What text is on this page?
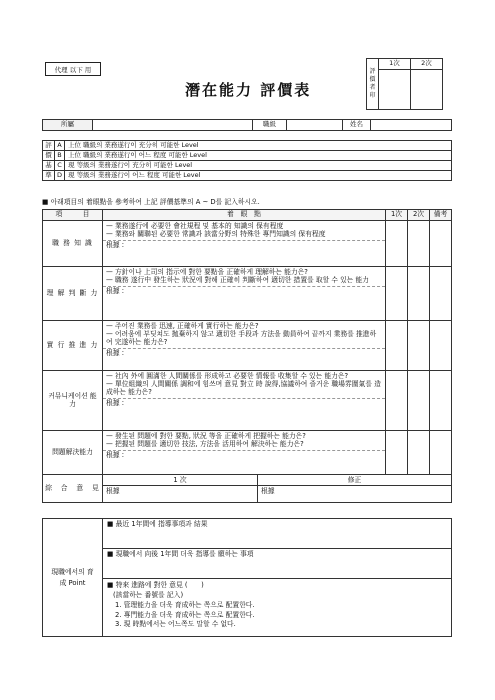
代理 以下 用
潛在能力 評價表
評價者印	1次	2次

所屬		職級		姓名	
評	A	上位 職級의 業務遂行이 充分히 可能한 Level
價	B	上位 職級의 業務遂行이 어느 程度 可能한 Level
基	C	現 等級의 業務遂行이 充分히 可能한 Level
準	D	現 等級의 業務遂行이 어느 程度 可能한 Level
■ 아래項目의 着眼點을 參考하여 上記 評價基準의 A ~ D를 記入하시오.
項　　　目	着　眼　點	1次	2次	備考
職 務 知 識	— 業務遂行에 必要한 會社規程 및 基本的 知識의 保有程度
— 業務와 關聯된 必要한 常識과 該當分野의 特殊한 專門知識의 保有程度
根據 :			

理 解 判 斷 力	— 方針이나 上司의 指示에 對한 要點을 正確하게 理解하는 能力은?
— 職務 遂行中 發生하는 狀況에 對해 正確히 判斷하여 適切한 措置를 取할 수 있는 能力
根據 :			

實 行 推 進 力	— 주어진 業務를 迅速, 正確하게 實行하는 能力은?
— 어려움에 부딪쳐도 抛棄하지 않고 適切한 手段과 方法을 動員하여 끝까지 業務를 推進하여 完遂하는 能力은?
根據 :			

커뮤니케이션 能　　力	— 社內 外에 圓滿한 人間關係를 形成하고 必要한 情報를 收集할 수 있는 能力은?
— 單位組織의 人間關係 調和에 힘쓰며 意見 對立 時 說得,協議하여 즐거운 職場雰圍氣를 造成하는 能力은?
根據 :			

問題解決能力	— 發生된 問題에 對한 要點, 狀況 等을 正確하게 把握하는 能力은?
— 把握된 問題를 適切한 技法, 方法을 活用하여 解決하는 能力은?
根據 :			

綜　合　意　見	1 次 修正			

	根據 根據			
現職에서의 育成 Point	■ 最近 1年間에 指導事項과 結果
■ 現職에서 向後 1年間 더욱 指導를 願하는 事項

■ 特來 進路에 對한 意見 (　　)
(該當하는 番號를 記入)
1. 管理能力을 더욱 育成하는 쪽으로 配置한다.
2. 專門能力을 더욱 育成하는 쪽으로 配置한다.
3. 現 時點에서는 어느쪽도 말할 수 없다.
